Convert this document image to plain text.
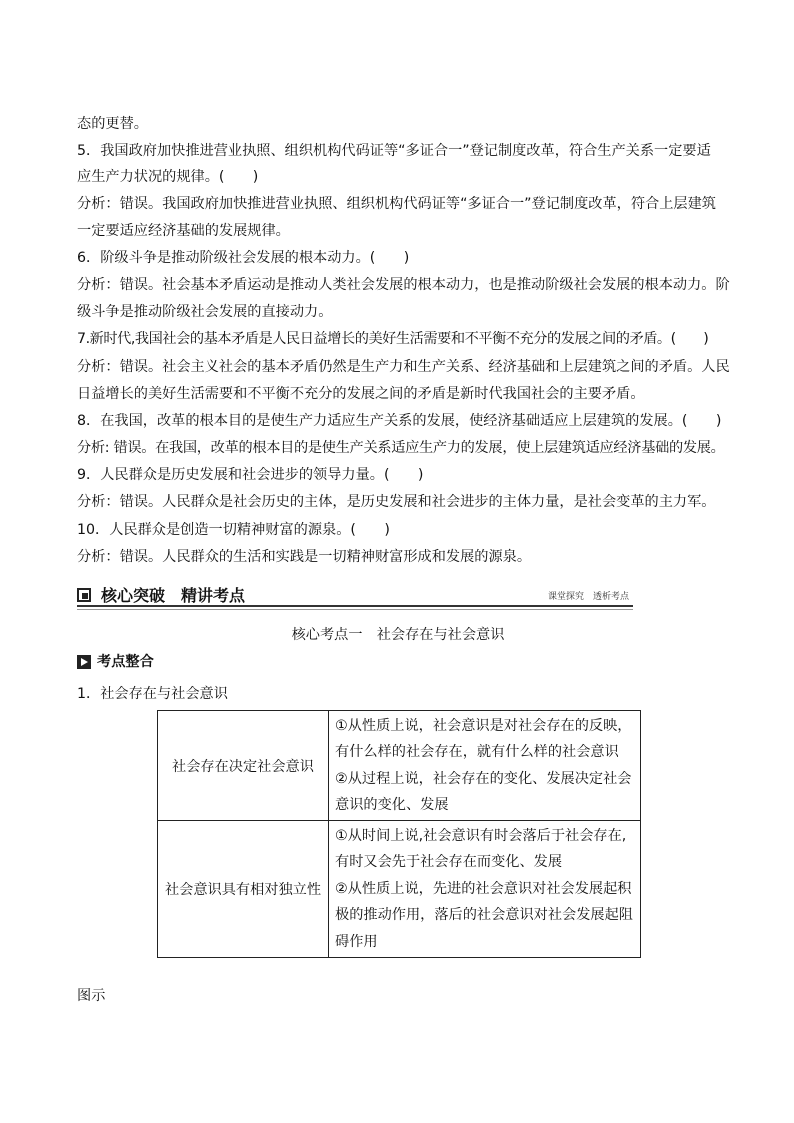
态的更替。
5．我国政府加快推进营业执照、组织机构代码证等“多证合一”登记制度改革，符合生产关系一定要适
应生产力状况的规律。(　　)
分析：错误。我国政府加快推进营业执照、组织机构代码证等“多证合一”登记制度改革，符合上层建筑
一定要适应经济基础的发展规律。
6．阶级斗争是推动阶级社会发展的根本动力。(　　)
分析：错误。社会基本矛盾运动是推动人类社会发展的根本动力，也是推动阶级社会发展的根本动力。阶
级斗争是推动阶级社会发展的直接动力。
7.新时代,我国社会的基本矛盾是人民日益增长的美好生活需要和不平衡不充分的发展之间的矛盾。(　　)
分析：错误。社会主义社会的基本矛盾仍然是生产力和生产关系、经济基础和上层建筑之间的矛盾。人民
日益增长的美好生活需要和不平衡不充分的发展之间的矛盾是新时代我国社会的主要矛盾。
8．在我国，改革的根本目的是使生产力适应生产关系的发展，使经济基础适应上层建筑的发展。(　　)
分析: 错误。在我国，改革的根本目的是使生产关系适应生产力的发展，使上层建筑适应经济基础的发展。
9．人民群众是历史发展和社会进步的领导力量。(　　)
分析：错误。人民群众是社会历史的主体，是历史发展和社会进步的主体力量，是社会变革的主力军。
10．人民群众是创造一切精神财富的源泉。(　　)
分析：错误。人民群众的生活和实践是一切精神财富形成和发展的源泉。
核心突破　精讲考点	课堂探究　透析考点
核心考点一　社会存在与社会意识
考点整合
1．社会存在与社会意识
社会存在决定社会意识	①从性质上说，社会意识是对社会存在的反映，
有什么样的社会存在，就有什么样的社会意识
②从过程上说，社会存在的变化、发展决定社会
意识的变化、发展

社会意识具有相对独立性	①从时间上说,社会意识有时会落后于社会存在,
有时又会先于社会存在而变化、发展
②从性质上说，先进的社会意识对社会发展起积
极的推动作用，落后的社会意识对社会发展起阻
碍作用
图示
